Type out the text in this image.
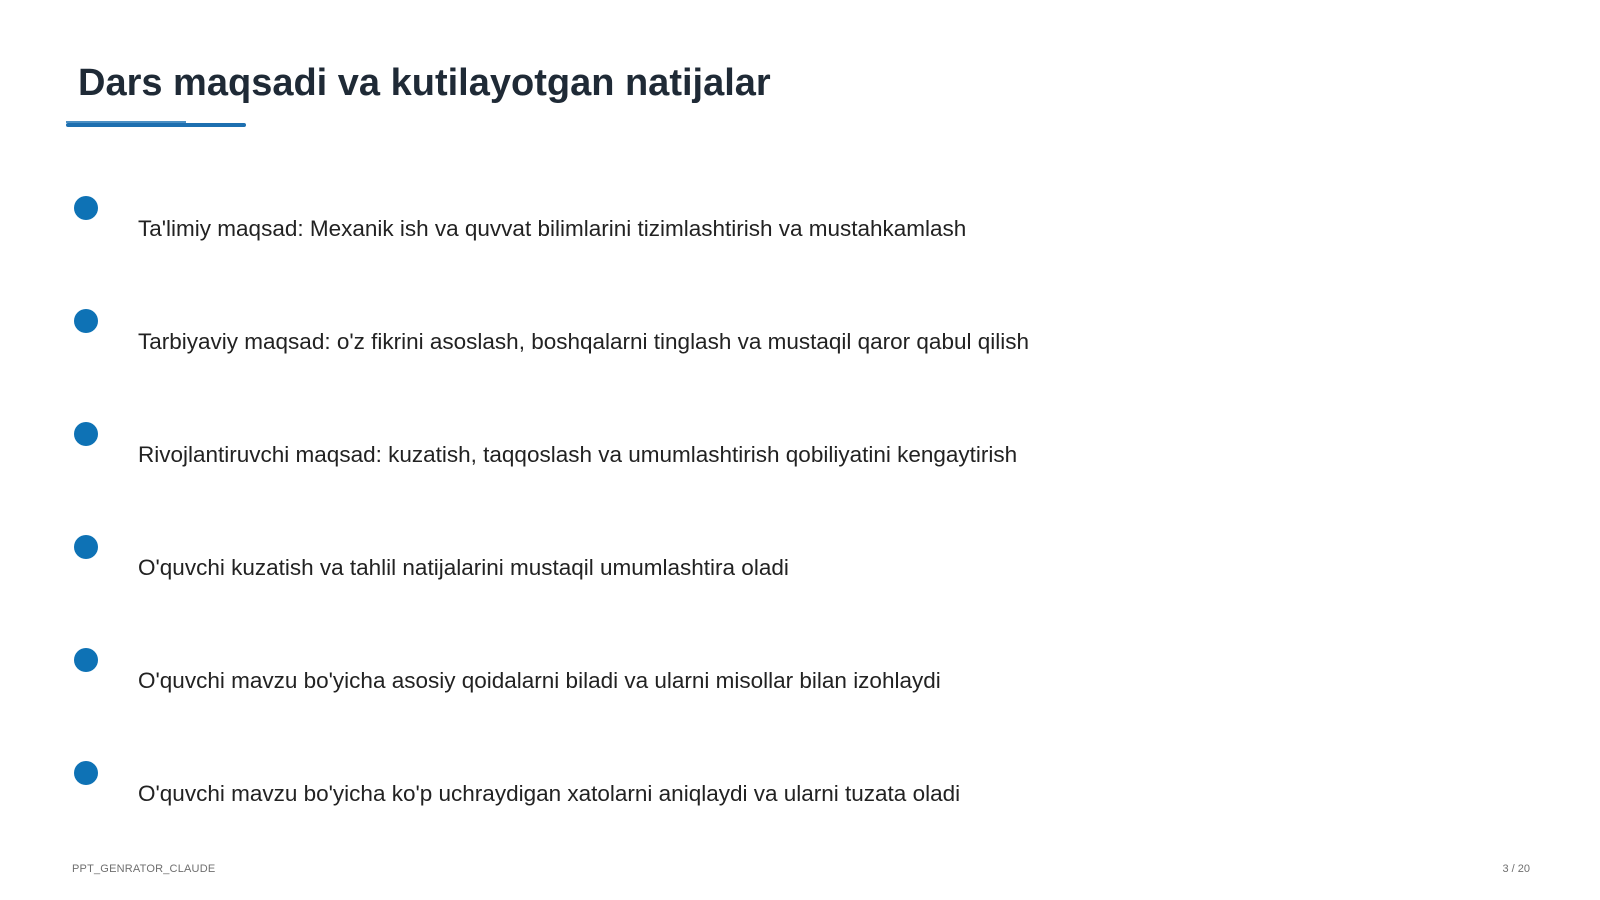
Dars maqsadi va kutilayotgan natijalar
Ta'limiy maqsad: Mexanik ish va quvvat bilimlarini tizimlashtirish va mustahkamlash
Tarbiyaviy maqsad: o'z fikrini asoslash, boshqalarni tinglash va mustaqil qaror qabul qilish
Rivojlantiruvchi maqsad: kuzatish, taqqoslash va umumlashtirish qobiliyatini kengaytirish
O'quvchi kuzatish va tahlil natijalarini mustaqil umumlashtira oladi
O'quvchi mavzu bo'yicha asosiy qoidalarni biladi va ularni misollar bilan izohlaydi
O'quvchi mavzu bo'yicha ko'p uchraydigan xatolarni aniqlaydi va ularni tuzata oladi
PPT_GENRATOR_CLAUDE	3 / 20
